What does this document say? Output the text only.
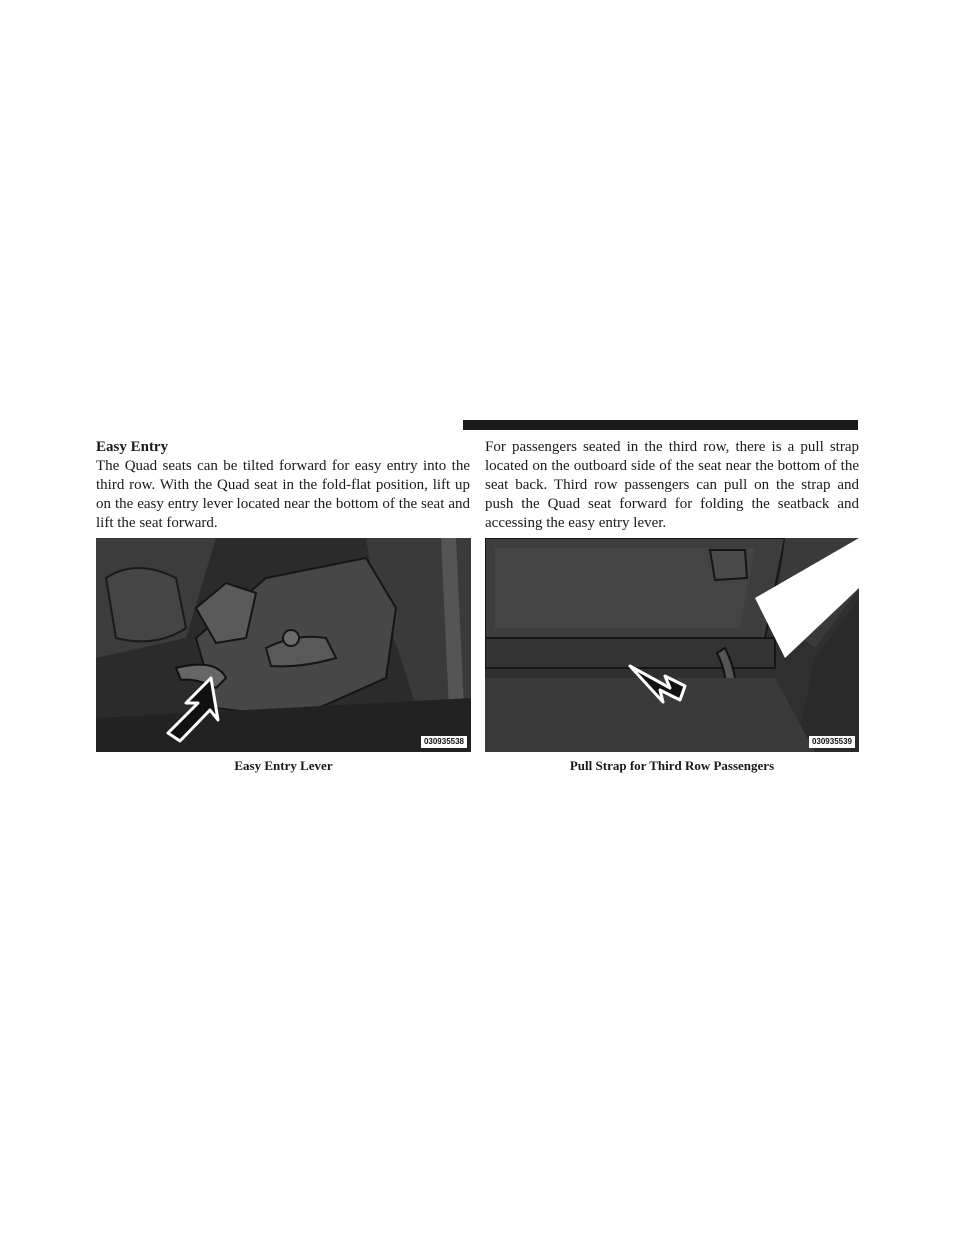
Easy Entry

The Quad seats can be tilted forward for easy entry into the third row. With the Quad seat in the fold-flat position, lift up on the easy entry lever located near the bottom of the seat and lift the seat forward.

For passengers seated in the third row, there is a pull strap located on the outboard side of the seat near the bottom of the seat back. Third row passengers can pull on the strap and push the Quad seat forward for folding the seatback and accessing the easy entry lever.

030935538	030935539
Easy Entry Lever	Pull Strap for Third Row Passengers
